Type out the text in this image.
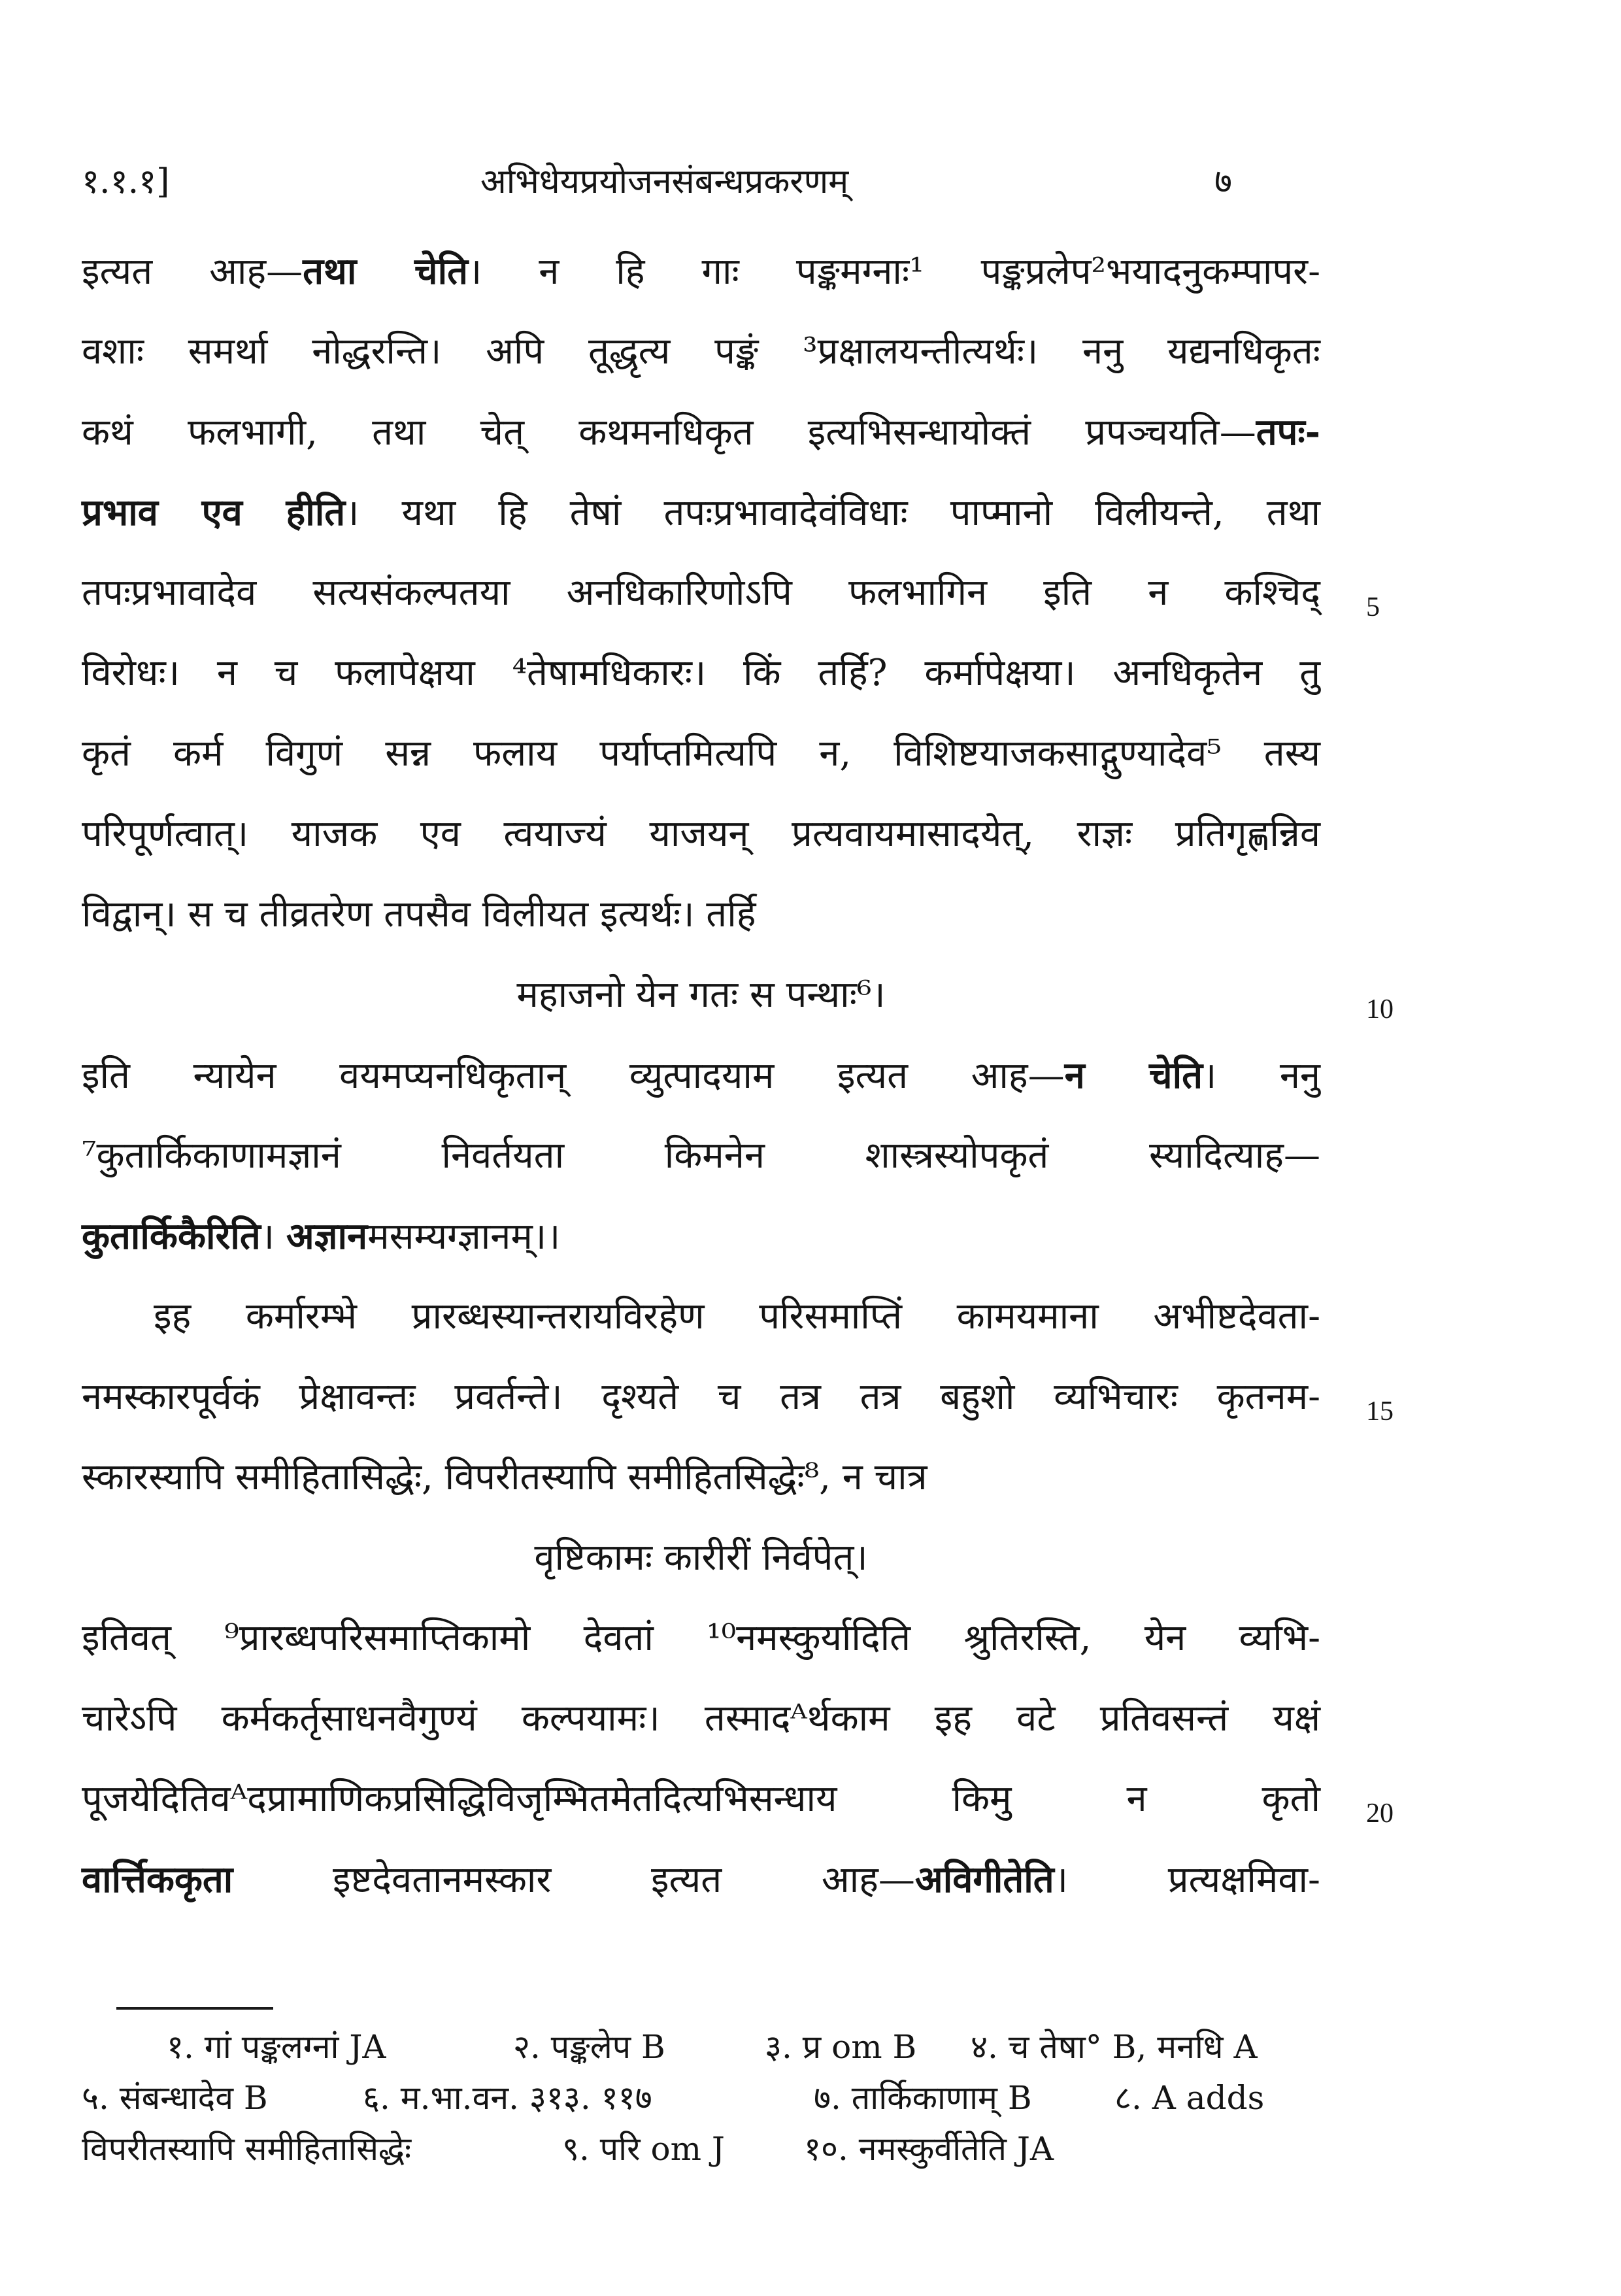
१.१.१]	अभिधेयप्रयोजनसंबन्धप्रकरणम्	७
इत्यत आह—तथा चेति। न हि गाः पङ्कमग्नाः¹ पङ्कप्रलेप²भयादनुकम्पापर-
वशाः समर्था नोद्धरन्ति। अपि तूद्धृत्य पङ्कं ³प्रक्षालयन्तीत्यर्थः। ननु यद्यनधिकृतः
कथं फलभागी, तथा चेत् कथमनधिकृत इत्यभिसन्धायोक्तं प्रपञ्चयति—तपः-
प्रभाव एव हीति। यथा हि तेषां तपःप्रभावादेवंविधाः पाप्मानो विलीयन्ते, तथा
तपःप्रभावादेव सत्यसंकल्पतया अनधिकारिणोऽपि फलभागिन इति न कश्चिद्
विरोधः। न च फलापेक्षया ⁴तेषामधिकारः। किं तर्हि? कर्मापेक्षया। अनधिकृतेन तु
कृतं कर्म विगुणं सन्न फलाय पर्याप्तमित्यपि न, विशिष्टयाजकसाद्गुण्यादेव⁵ तस्य
परिपूर्णत्वात्। याजक एव त्वयाज्यं याजयन् प्रत्यवायमासादयेत्, राज्ञः प्रतिगृह्णन्निव
विद्वान्। स च तीव्रतरेण तपसैव विलीयत इत्यर्थः। तर्हि
महाजनो येन गतः स पन्थाः⁶।
इति न्यायेन वयमप्यनधिकृतान् व्युत्पादयाम इत्यत आह—न चेति। ननु
⁷कुतार्किकाणामज्ञानं निवर्तयता किमनेन शास्त्रस्योपकृतं स्यादित्याह—
कुतार्किकैरिति। अज्ञानमसम्यग्ज्ञानम्।।
इह कर्मारम्भे प्रारब्धस्यान्तरायविरहेण परिसमाप्तिं कामयमाना अभीष्टदेवता-
नमस्कारपूर्वकं प्रेक्षावन्तः प्रवर्तन्ते। दृश्यते च तत्र तत्र बहुशो व्यभिचारः कृतनम-
स्कारस्यापि समीहितासिद्धेः, विपरीतस्यापि समीहितसिद्धेः⁸, न चात्र
वृष्टिकामः कारीरीं निर्वपेत्।
इतिवत् ⁹प्रारब्धपरिसमाप्तिकामो देवतां ¹⁰नमस्कुर्यादिति श्रुतिरस्ति, येन व्यभि-
चारेऽपि कर्मकर्तृसाधनवैगुण्यं कल्पयामः। तस्मादᴬर्थकाम इह वटे प्रतिवसन्तं यक्षं
पूजयेदितिवᴬदप्रामाणिकप्रसिद्धिविजृम्भितमेतदित्यभिसन्धाय किमु न कृतो
वार्त्तिककृता इष्टदेवतानमस्कार इत्यत आह—अविगीतेति। प्रत्यक्षमिवा-
5
10
15
20
१. गां पङ्कलग्नां JA	२. पङ्कलेप B	३. प्र om B ४. च तेषा° B, मनधि A
५. संबन्धादेव B	६. म.भा.वन. ३१३. ११७	७. तार्किकाणाम् B	८. A adds
विपरीतस्यापि समीहितासिद्धेः	९. परि om J १०. नमस्कुर्वीतेति JA
